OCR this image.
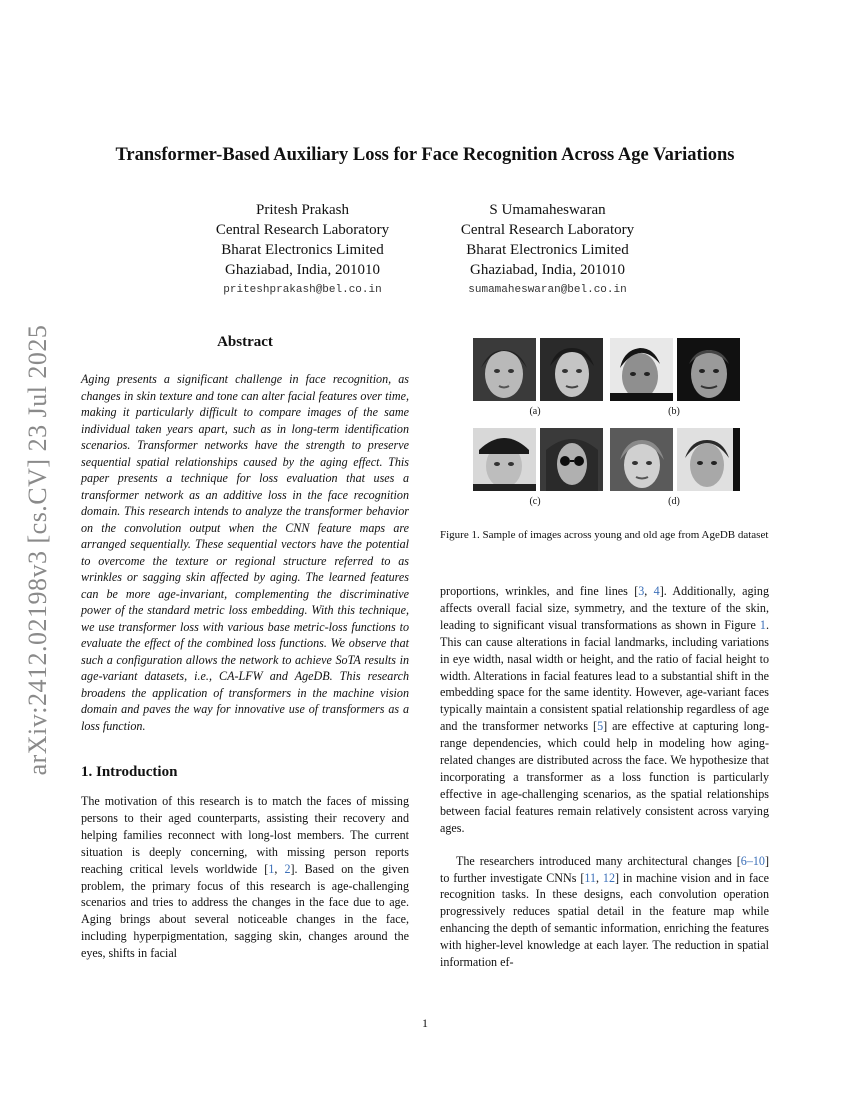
arXiv:2412.02198v3 [cs.CV] 23 Jul 2025
Transformer-Based Auxiliary Loss for Face Recognition Across Age Variations
Pritesh Prakash
Central Research Laboratory
Bharat Electronics Limited
Ghaziabad, India, 201010
priteshprakash@bel.co.in
S Umamaheswaran
Central Research Laboratory
Bharat Electronics Limited
Ghaziabad, India, 201010
sumamaheswaran@bel.co.in
Abstract

Aging presents a significant challenge in face recognition, as changes in skin texture and tone can alter facial features over time, making it particularly difficult to compare images of the same individual taken years apart, such as in long-term identification scenarios. Transformer networks have the strength to preserve sequential spatial relationships caused by the aging effect. This paper presents a technique for loss evaluation that uses a transformer network as an additive loss in the face recognition domain. This research intends to analyze the transformer behavior on the convolution output when the CNN feature maps are arranged sequentially. These sequential vectors have the potential to overcome the texture or regional structure referred to as wrinkles or sagging skin affected by aging. The learned features can be more age-invariant, complementing the discriminative power of the standard metric loss embedding. With this technique, we use transformer loss with various base metric-loss functions to evaluate the effect of the combined loss functions. We observe that such a configuration allows the network to achieve SoTA results in age-variant datasets, i.e., CA-LFW and AgeDB. This research broadens the application of transformers in the machine vision domain and paves the way for innovative use of transformers as a loss function.

1. Introduction

The motivation of this research is to match the faces of missing persons to their aged counterparts, assisting their recovery and helping families reconnect with long-lost members. The current situation is deeply concerning, with missing person reports reaching critical levels worldwide [1, 2]. Based on the given problem, the primary focus of this research is age-challenging scenarios and tries to address the changes in the face due to age. Aging brings about several noticeable changes in the face, including hyperpigmentation, sagging skin, changes around the eyes, shifts in facial

(a)	(b)
(c)	(d)
Figure 1. Sample of images across young and old age from AgeDB dataset

proportions, wrinkles, and fine lines [3, 4]. Additionally, aging affects overall facial size, symmetry, and the texture of the skin, leading to significant visual transformations as shown in Figure 1. This can cause alterations in facial landmarks, including variations in eye width, nasal width or height, and the ratio of facial height to width. Alterations in facial features lead to a substantial shift in the embedding space for the same identity. However, age-variant faces typically maintain a consistent spatial relationship regardless of age and the transformer networks [5] are effective at capturing long-range dependencies, which could help in modeling how aging-related changes are distributed across the face. We hypothesize that incorporating a transformer as a loss function is particularly effective in age-challenging scenarios, as the spatial relationships between facial features remain relatively consistent across varying ages.

The researchers introduced many architectural changes [6–10] to further investigate CNNs [11, 12] in machine vision and in face recognition tasks. In these designs, each convolution operation progressively reduces spatial detail in the feature map while enhancing the depth of semantic information, enriching the features with higher-level knowledge at each layer. The reduction in spatial information ef-

1
